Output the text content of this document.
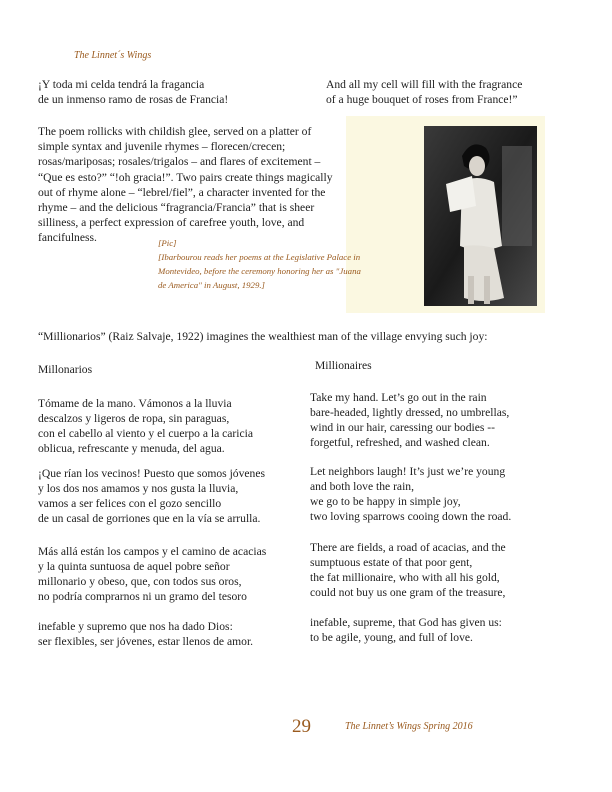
The Linnet´s Wings

¡Y toda mi celda tendrá la fragancia

de un inmenso ramo de rosas de Francia!

And all my cell will fill with the fragrance

of a huge bouquet of roses from France!”

The poem rollicks with childish glee, served on a platter of simple syntax and juvenile rhymes – florecen/crecen; rosas/mariposas; rosales/trigalos – and flares of excitement – “Que es esto?” “!oh gracia!”. Two pairs create things magically out of rhyme alone – “lebrel/fiel”, a character invented for the rhyme – and the delicious “fragrancia/Francia” that is sheer silliness, a perfect expression of carefree youth, love, and fancifulness.	[Pic]

[Ibarbourou reads her poems at the Legislative Palace in

Montevideo, before the ceremony honoring her as "Juana

de America" in August, 1929.]

“Millionarios” (Raiz Salvaje, 1922) imagines the wealthiest man of the village envying such joy:
Millonarios	Millionaires
Tómame de la mano. Vámonos a la lluvia
descalzos y ligeros de ropa, sin paraguas,
con el cabello al viento y el cuerpo a la caricia
oblicua, refrescante y menuda, del agua.
¡Que rían los vecinos! Puesto que somos jóvenes
y los dos nos amamos y nos gusta la lluvia,
vamos a ser felices con el gozo sencillo
de un casal de gorriones que en la vía se arrulla.
Más allá están los campos y el camino de acacias
y la quinta suntuosa de aquel pobre señor
millonario y obeso, que, con todos sus oros,
no podría comprarnos ni un gramo del tesoro
inefable y supremo que nos ha dado Dios:
ser flexibles, ser jóvenes, estar llenos de amor.
Take my hand. Let’s go out in the rain
bare-headed, lightly dressed, no umbrellas,
wind in our hair, caressing our bodies --
forgetful, refreshed, and washed clean.
Let neighbors laugh! It’s just we’re young
and both love the rain,
we go to be happy in simple joy,
two loving sparrows cooing down the road.
There are fields, a road of acacias, and the
sumptuous estate of that poor gent,
the fat millionaire, who with all his gold,
could not buy us one gram of the treasure,
inefable, supreme, that God has given us:
to be agile, young, and full of love.
29	The Linnet’s Wings Spring 2016
